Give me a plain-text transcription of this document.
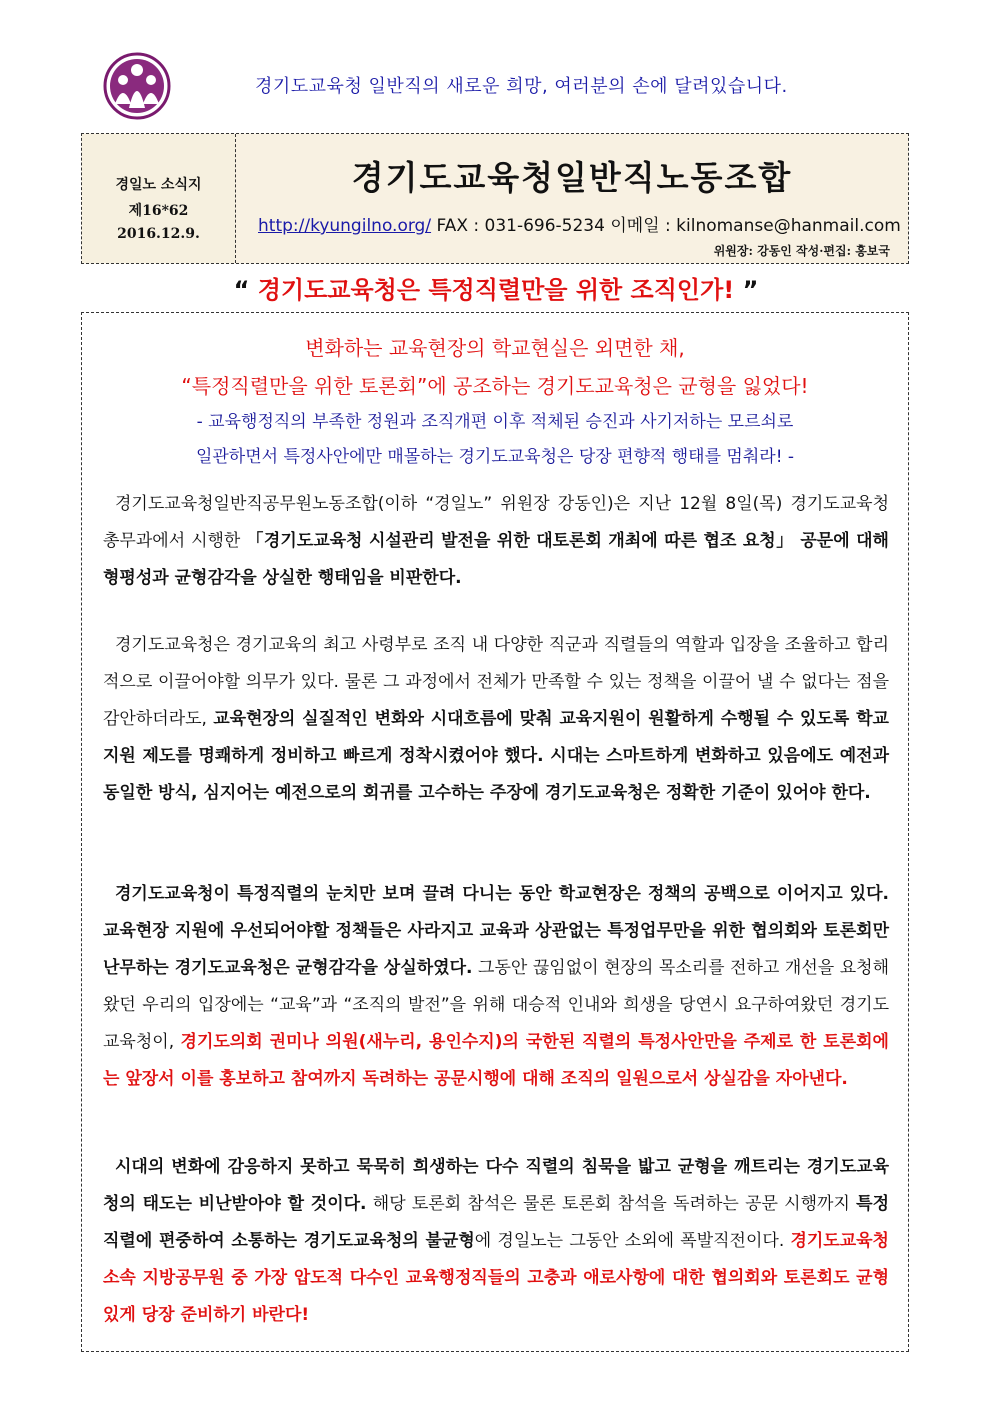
경기도교육청 일반직의 새로운 희망, 여러분의 손에 달려있습니다.
경일노 소식지
제16*62
2016.12.9.
경기도교육청일반직노동조합
http://kyungilno.org/ FAX : 031-696-5234 이메일 : kilnomanse@hanmail.com
위원장: 강동인 작성·편집: 홍보국
“ 경기도교육청은 특정직렬만을 위한 조직인가! ”
변화하는 교육현장의 학교현실은 외면한 채,
“특정직렬만을 위한 토론회”에 공조하는 경기도교육청은 균형을 잃었다!
- 교육행정직의 부족한 정원과 조직개편 이후 적체된 승진과 사기저하는 모르쇠로
일관하면서 특정사안에만 매몰하는 경기도교육청은 당장 편향적 행태를 멈춰라! -

경기도교육청일반직공무원노동조합(이하 “경일노” 위원장 강동인)은 지난 12월 8일(목) 경기도교육청 총무과에서 시행한 「경기도교육청 시설관리 발전을 위한 대토론회 개최에 따른 협조 요청」 공문에 대해 형평성과 균형감각을 상실한 행태임을 비판한다.

경기도교육청은 경기교육의 최고 사령부로 조직 내 다양한 직군과 직렬들의 역할과 입장을 조율하고 합리적으로 이끌어야할 의무가 있다. 물론 그 과정에서 전체가 만족할 수 있는 정책을 이끌어 낼 수 없다는 점을 감안하더라도, 교육현장의 실질적인 변화와 시대흐름에 맞춰 교육지원이 원활하게 수행될 수 있도록 학교 지원 제도를 명쾌하게 정비하고 빠르게 정착시켰어야 했다. 시대는 스마트하게 변화하고 있음에도 예전과 동일한 방식, 심지어는 예전으로의 회귀를 고수하는 주장에 경기도교육청은 정확한 기준이 있어야 한다.

경기도교육청이 특정직렬의 눈치만 보며 끌려 다니는 동안 학교현장은 정책의 공백으로 이어지고 있다. 교육현장 지원에 우선되어야할 정책들은 사라지고 교육과 상관없는 특정업무만을 위한 협의회와 토론회만 난무하는 경기도교육청은 균형감각을 상실하였다. 그동안 끊임없이 현장의 목소리를 전하고 개선을 요청해왔던 우리의 입장에는 “교육”과 “조직의 발전”을 위해 대승적 인내와 희생을 당연시 요구하여왔던 경기도교육청이, 경기도의회 권미나 의원(새누리, 용인수지)의 국한된 직렬의 특정사안만을 주제로 한 토론회에는 앞장서 이를 홍보하고 참여까지 독려하는 공문시행에 대해 조직의 일원으로서 상실감을 자아낸다.

시대의 변화에 감응하지 못하고 묵묵히 희생하는 다수 직렬의 침묵을 밟고 균형을 깨트리는 경기도교육청의 태도는 비난받아야 할 것이다. 해당 토론회 참석은 물론 토론회 참석을 독려하는 공문 시행까지 특정직렬에 편중하여 소통하는 경기도교육청의 불균형에 경일노는 그동안 소외에 폭발직전이다. 경기도교육청 소속 지방공무원 중 가장 압도적 다수인 교육행정직들의 고충과 애로사항에 대한 협의회와 토론회도 균형 있게 당장 준비하기 바란다!
